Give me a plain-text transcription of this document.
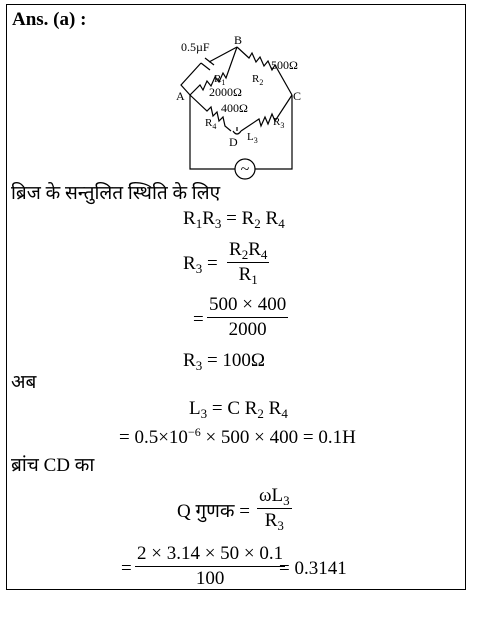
Ans. (a) :
~
A
B
C
D
0.5µF
500Ω
2000Ω
400Ω
$R_1$ $R_2$
$R_4$	$R_3$
$L_3$
ब्रिज के सन्तुलित स्थिति के लिए
$R_1R_3 = R_2$ $R_4$
$R_3 = \frac{R_2R_4}{R_1}$
= $\frac{500 \times 400}{2000}$
$R_3 = 100\Omega$
अब
$L_3 = C$ $R_2$ $R_4$
= $0.5\times 10^{-6} \times 500 \times 400 = 0.1H$
ब्रांच CD का
Q गुणक = $\frac{\omega L_3}{R_3}$
= $\frac{2 \times 3.14 \times 50 \times 0.1}{100}$
= 0.3141
